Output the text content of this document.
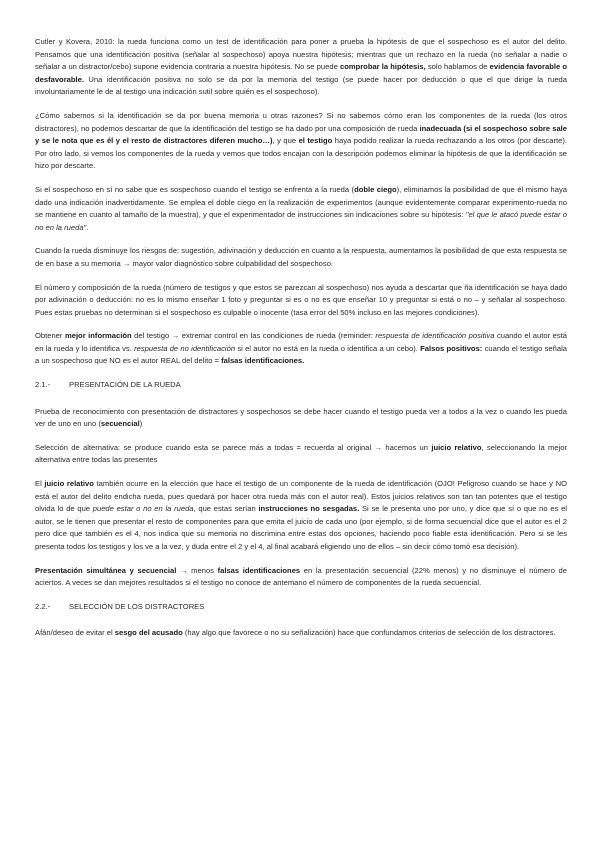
Cutler y Kovera, 2010: la rueda funciona como un test de identificación para poner a prueba la hipótesis de que el sospechoso es el autor del delito. Pensamos que una identificación positiva (señalar al sospechoso) apoya nuestra hipótesis; mientras que un rechazo en la rueda (no señalar a nadie o señalar a un distractor/cebo) supone evidencia contraria a nuestra hipótesis. No se puede comprobar la hipótesis, solo hablamos de evidencia favorable o desfavorable. Una identificación positiva no solo se da por la memoria del testigo (se puede hacer por deducción o que el que dirige la rueda involuntariamente le de al testigo una indicación sutil sobre quién es el sospechoso).

¿Cómo sabemos si la identificación se da por buena memoria u otras razones? Si no sabemos cómo eran los componentes de la rueda (los otros distractores), no podemos descartar de que la identificación del testigo se ha dado por una composición de rueda inadecuada (si el sospechoso sobre sale y se le nota que es él y el resto de distractores diferen mucho…), y que el testigo haya podido realizar la rueda rechazando a los otros (por descarte). Por otro lado, si vemos los componentes de la rueda y vemos que todos encajan con la descripción podemos eliminar la hipótesis de que la identificación se hizo por descarte.

Si el sospechoso en sí no sabe que es sospechoso cuando el testigo se enfrenta a la rueda (doble ciego), eliminamos la posibilidad de que él mismo haya dado una indicación inadvertidamente. Se emplea el doble ciego en la realización de experimentos (aunque evidentemente comparar experimento-rueda no se mantiene en cuanto al tamaño de la muestra), y que el experimentador de instrucciones sin indicaciones sobre su hipótesis: "el que le atacó puede estar o no en la rueda".

Cuando la rueda disminuye los riesgos de: sugestión, adivinación y deducción en cuanto a la respuesta, aumentamos la posibilidad de que esta respuesta se de en base a su memoria → mayor valor diagnóstico sobre culpabilidad del sospechoso.

El número y composición de la rueda (número de testigos y que estos se parezcan al sospechoso) nos ayuda a descartar que ña identificación se haya dado por adivinación o deducción: no es lo mismo enseñar 1 foto y preguntar si es o no es que enseñar 10 y preguntar si está o no – y señalar al sospechoso. Pues estas pruebas no determinan si el sospechoso es culpable o inocente (tasa error del 50% incluso en las mejores condiciones).

Obtener mejor información del testigo → extremar control en las condiciones de rueda (reminder: respuesta de identificación positiva cuando el autor está en la rueda y lo identifica vs. respuesta de no identificación si el autor no está en la rueda o identifica a un cebo). Falsos positivos: cuando el testigo señala a un sospechoso que NO es el autor REAL del delito = falsas identificaciones.

2.1.- PRESENTACIÓN DE LA RUEDA

Prueba de reconocimiento con presentación de distractores y sospechosos se debe hacer cuando el testigo pueda ver a todos a la vez o cuando les pueda ver de uno en uno (secuencial)

Selección de alternativa: se produce cuando esta se parece más a todas = recuerda al original → hacemos un juicio relativo, seleccionando la mejor alternativa entre todas las presentes

El juicio relativo también ocurre en la elección que hace el testigo de un componente de la rueda de identificación (OJO! Peligroso cuando se hace y NO está el autor del delito endicha rueda, pues quedará por hacer otra rueda más con el autor real). Estos juicios relativos son tan tan potentes que el testigo olvida lo de que puede estar o no en la rueda, que estas serían instrucciones no sesgadas. Si se le presenta uno por uno, y dice que sí o que no es el autor, se le tienen que presentar el resto de componentes para que emita el juicio de cada uno (por ejemplo, si de forma secuencial dice que el autor es el 2 pero dice que también es el 4, nos indica que su memoria no discrimina entre estas dos opciones, haciendo poco fiable esta identificación. Pero si se les presenta todos los testigos y los ve a la vez, y duda entre el 2 y el 4, al final acabará eligiendo uno de ellos – sin decir cómo tomó esa decisión).

Presentación simultánea y secuencial → menos falsas identificaciones en la presentación secuencial (22% menos) y no disminuye el número de aciertos. A veces se dan mejores resultados si el testigo no conoce de antemano el número de componentes de la rueda secuencial.

2.2.- SELECCIÓN DE LOS DISTRACTORES

Afán/deseo de evitar el sesgo del acusado (hay algo que favorece o no su señalización) hace que confundamos criterios de selección de los distractores.
